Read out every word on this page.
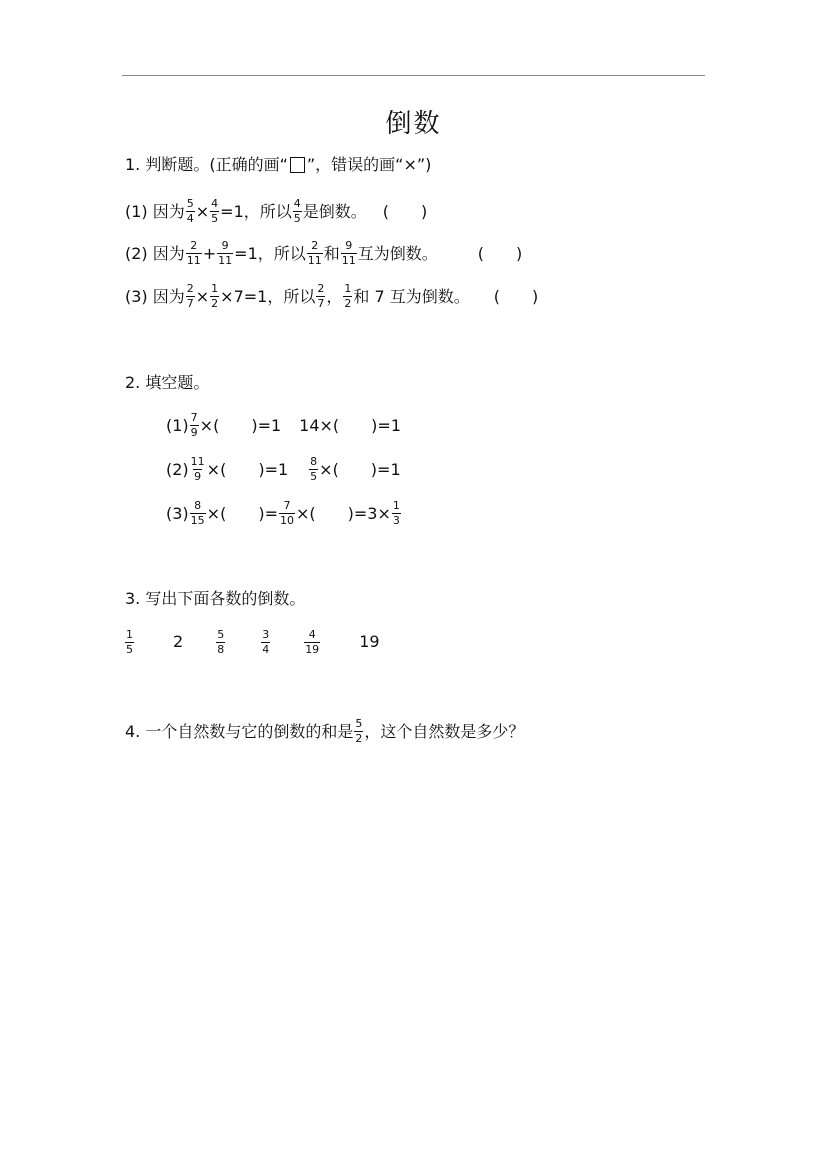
倒数
1. 判断题。(正确的画“ ”，错误的画“ × ”)
(1) 因为 $\frac{5}{4} \times \frac{4}{5} =1$，所以 $\frac{4}{5}$ 是倒数。 (　　)
(2) 因为 $\frac{2}{11} + \frac{9}{11} =1$，所以 $\frac{2}{11}$ 和 $\frac{9}{11}$ 互为倒数。	(　　)
(3) 因为 $\frac{2}{7} \times \frac{1}{2} \times 7=1$，所以 $\frac{2}{7}$ ， $\frac{1}{2}$ 和 7 互为倒数。 (　　)
2. 填空题。
$(1) \frac{7}{9}$ ×(　　)=1 14×(　　)=1
$(2) \frac{11}{9}$ ×(　　)$=1 \frac{8}{5}$ ×(　　)=1
$(3) \frac{8}{15}$ ×(　　)= $\frac{7}{10}$ ×(　　)$=3\times \frac{1}{3}$
3. 写出下面各数的倒数。
$\frac{1}{5} 2$	$\frac{5}{8}$	$\frac{3}{4}$	$\frac{4}{19} 19$
4. 一个自然数与它的倒数的和是 $\frac{5}{2}$ ，这个自然数是多少？
